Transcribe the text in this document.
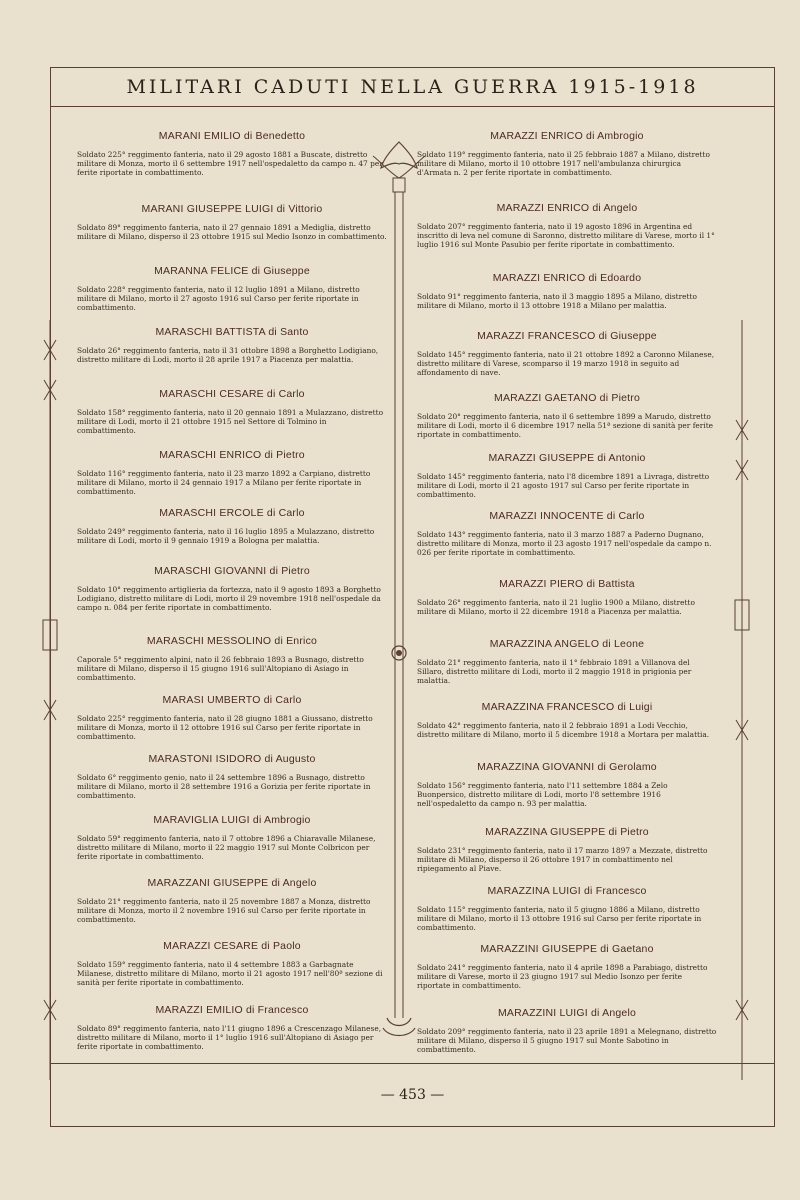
MILITARI CADUTI NELLA GUERRA 1915-1918
MARANI EMILIO di Benedetto
Soldato 225° reggimento fanteria, nato il 29 agosto 1881 a Buscate, distretto militare di Monza, morto il 6 settembre 1917 nell'ospedaletto da campo n. 47 per ferite riportate in combattimento.
MARANI GIUSEPPE LUIGI di Vittorio
Soldato 89° reggimento fanteria, nato il 27 gennaio 1891 a Mediglia, distretto militare di Milano, disperso il 23 ottobre 1915 sul Medio Isonzo in combattimento.
MARANNA FELICE di Giuseppe
Soldato 228° reggimento fanteria, nato il 12 luglio 1891 a Milano, distretto militare di Milano, morto il 27 agosto 1916 sul Carso per ferite riportate in combattimento.
MARASCHI BATTISTA di Santo
Soldato 26° reggimento fanteria, nato il 31 ottobre 1898 a Borghetto Lodigiano, distretto militare di Lodi, morto il 28 aprile 1917 a Piacenza per malattia.
MARASCHI CESARE di Carlo
Soldato 158° reggimento fanteria, nato il 20 gennaio 1891 a Mulazzano, distretto militare di Lodi, morto il 21 ottobre 1915 nel Settore di Tolmino in combattimento.
MARASCHI ENRICO di Pietro
Soldato 116° reggimento fanteria, nato il 23 marzo 1892 a Carpiano, distretto militare di Milano, morto il 24 gennaio 1917 a Milano per ferite riportate in combattimento.
MARASCHI ERCOLE di Carlo
Soldato 249° reggimento fanteria, nato il 16 luglio 1895 a Mulazzano, distretto militare di Lodi, morto il 9 gennaio 1919 a Bologna per malattia.
MARASCHI GIOVANNI di Pietro
Soldato 10° reggimento artiglieria da fortezza, nato il 9 agosto 1893 a Borghetto Lodigiano, distretto militare di Lodi, morto il 29 novembre 1918 nell'ospedale da campo n. 084 per ferite riportate in combattimento.
MARASCHI MESSOLINO di Enrico
Caporale 5° reggimento alpini, nato il 26 febbraio 1893 a Busnago, distretto militare di Milano, disperso il 15 giugno 1916 sull'Altopiano di Asiago in combattimento.
MARASI UMBERTO di Carlo
Soldato 225° reggimento fanteria, nato il 28 giugno 1881 a Giussano, distretto militare di Monza, morto il 12 ottobre 1916 sul Carso per ferite riportate in combattimento.
MARASTONI ISIDORO di Augusto
Soldato 6° reggimento genio, nato il 24 settembre 1896 a Busnago, distretto militare di Milano, morto il 28 settembre 1916 a Gorizia per ferite riportate in combattimento.
MARAVIGLIA LUIGI di Ambrogio
Soldato 59° reggimento fanteria, nato il 7 ottobre 1896 a Chiaravalle Milanese, distretto militare di Milano, morto il 22 maggio 1917 sul Monte Colbricon per ferite riportate in combattimento.
MARAZZANI GIUSEPPE di Angelo
Soldato 21° reggimento fanteria, nato il 25 novembre 1887 a Monza, distretto militare di Monza, morto il 2 novembre 1916 sul Carso per ferite riportate in combattimento.
MARAZZI CESARE di Paolo
Soldato 159° reggimento fanteria, nato il 4 settembre 1883 a Garbagnate Milanese, distretto militare di Milano, morto il 21 agosto 1917 nell'80ª sezione di sanità per ferite riportate in combattimento.
MARAZZI EMILIO di Francesco
Soldato 89° reggimento fanteria, nato l'11 giugno 1896 a Crescenzago Milanese, distretto militare di Milano, morto il 1° luglio 1916 sull'Altopiano di Asiago per ferite riportate in combattimento.
MARAZZI ENRICO di Ambrogio
Soldato 119° reggimento fanteria, nato il 25 febbraio 1887 a Milano, distretto militare di Milano, morto il 10 ottobre 1917 nell'ambulanza chirurgica d'Armata n. 2 per ferite riportate in combattimento.
MARAZZI ENRICO di Angelo
Soldato 207° reggimento fanteria, nato il 19 agosto 1896 in Argentina ed inscritto di leva nel comune di Saronno, distretto militare di Varese, morto il 1° luglio 1916 sul Monte Pasubio per ferite riportate in combattimento.
MARAZZI ENRICO di Edoardo
Soldato 91° reggimento fanteria, nato il 3 maggio 1895 a Milano, distretto militare di Milano, morto il 13 ottobre 1918 a Milano per malattia.
MARAZZI FRANCESCO di Giuseppe
Soldato 145° reggimento fanteria, nato il 21 ottobre 1892 a Caronno Milanese, distretto militare di Varese, scomparso il 19 marzo 1918 in seguito ad affondamento di nave.
MARAZZI GAETANO di Pietro
Soldato 20° reggimento fanteria, nato il 6 settembre 1899 a Marudo, distretto militare di Lodi, morto il 6 dicembre 1917 nella 51ª sezione di sanità per ferite riportate in combattimento.
MARAZZI GIUSEPPE di Antonio
Soldato 145° reggimento fanteria, nato l'8 dicembre 1891 a Livraga, distretto militare di Lodi, morto il 21 agosto 1917 sul Carso per ferite riportate in combattimento.
MARAZZI INNOCENTE di Carlo
Soldato 143° reggimento fanteria, nato il 3 marzo 1887 a Paderno Dugnano, distretto militare di Monza, morto il 23 agosto 1917 nell'ospedale da campo n. 026 per ferite riportate in combattimento.
MARAZZI PIERO di Battista
Soldato 26° reggimento fanteria, nato il 21 luglio 1900 a Milano, distretto militare di Milano, morto il 22 dicembre 1918 a Piacenza per malattia.
MARAZZINA ANGELO di Leone
Soldato 21° reggimento fanteria, nato il 1° febbraio 1891 a Villanova del Sillaro, distretto militare di Lodi, morto il 2 maggio 1918 in prigionia per malattia.
MARAZZINA FRANCESCO di Luigi
Soldato 42° reggimento fanteria, nato il 2 febbraio 1891 a Lodi Vecchio, distretto militare di Milano, morto il 5 dicembre 1918 a Mortara per malattia.
MARAZZINA GIOVANNI di Gerolamo
Soldato 156° reggimento fanteria, nato l'11 settembre 1884 a Zelo Buonpersico, distretto militare di Lodi, morto l'8 settembre 1916 nell'ospedaletto da campo n. 93 per malattia.
MARAZZINA GIUSEPPE di Pietro
Soldato 231° reggimento fanteria, nato il 17 marzo 1897 a Mezzate, distretto militare di Milano, disperso il 26 ottobre 1917 in combattimento nel ripiegamento al Piave.
MARAZZINA LUIGI di Francesco
Soldato 115° reggimento fanteria, nato il 5 giugno 1886 a Milano, distretto militare di Milano, morto il 13 ottobre 1916 sul Carso per ferite riportate in combattimento.
MARAZZINI GIUSEPPE di Gaetano
Soldato 241° reggimento fanteria, nato il 4 aprile 1898 a Parabiago, distretto militare di Varese, morto il 23 giugno 1917 sul Medio Isonzo per ferite riportate in combattimento.
MARAZZINI LUIGI di Angelo
Soldato 209° reggimento fanteria, nato il 23 aprile 1891 a Melegnano, distretto militare di Milano, disperso il 5 giugno 1917 sul Monte Sabotino in combattimento.
— 453 —
